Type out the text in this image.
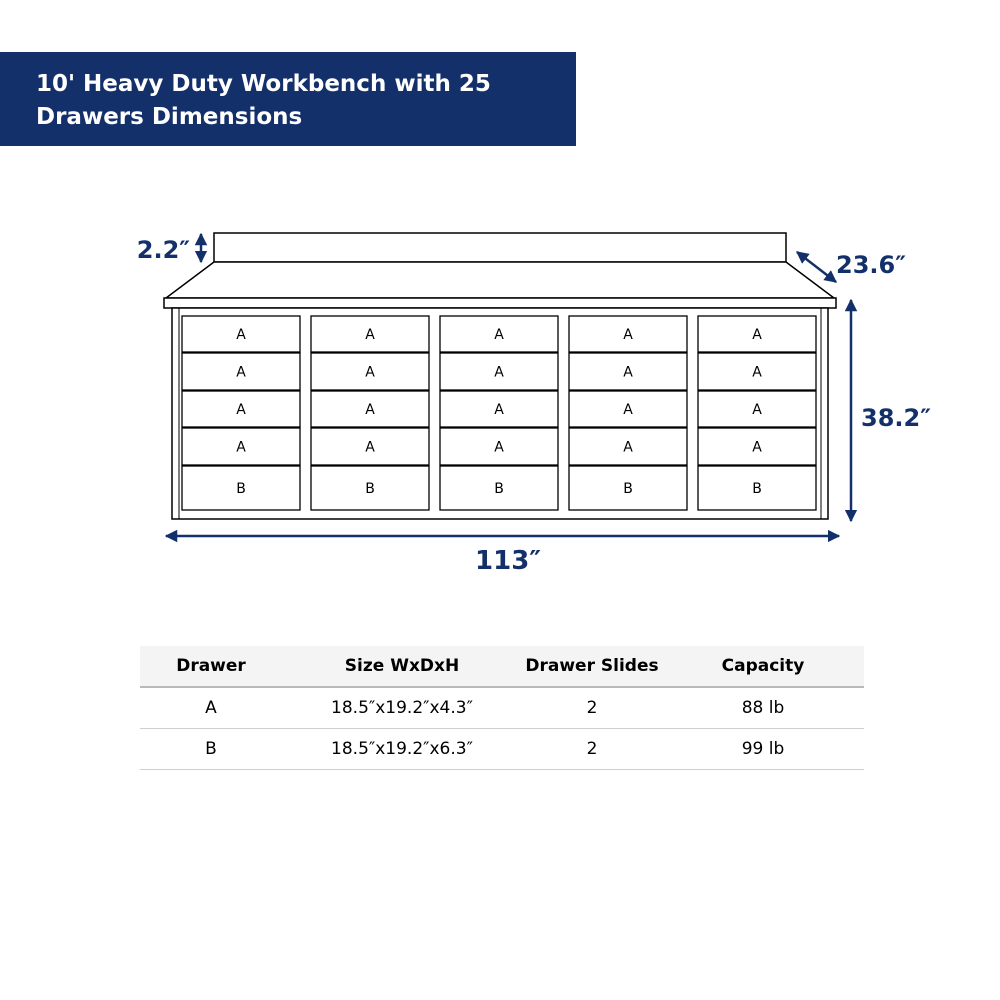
10' Heavy Duty Workbench with 25
Drawers Dimensions
A	A	A	A	A
A	A	A	A	A
A	A	A	A	A
A	A	A	A	A
B	B	B	B	B
2.2″
23.6″
38.2″
113″
Drawer	Size WxDxH	Drawer Slides	Capacity
A	18.5″x19.2″x4.3″	2	88 lb
B	18.5″x19.2″x6.3″	2	99 lb
